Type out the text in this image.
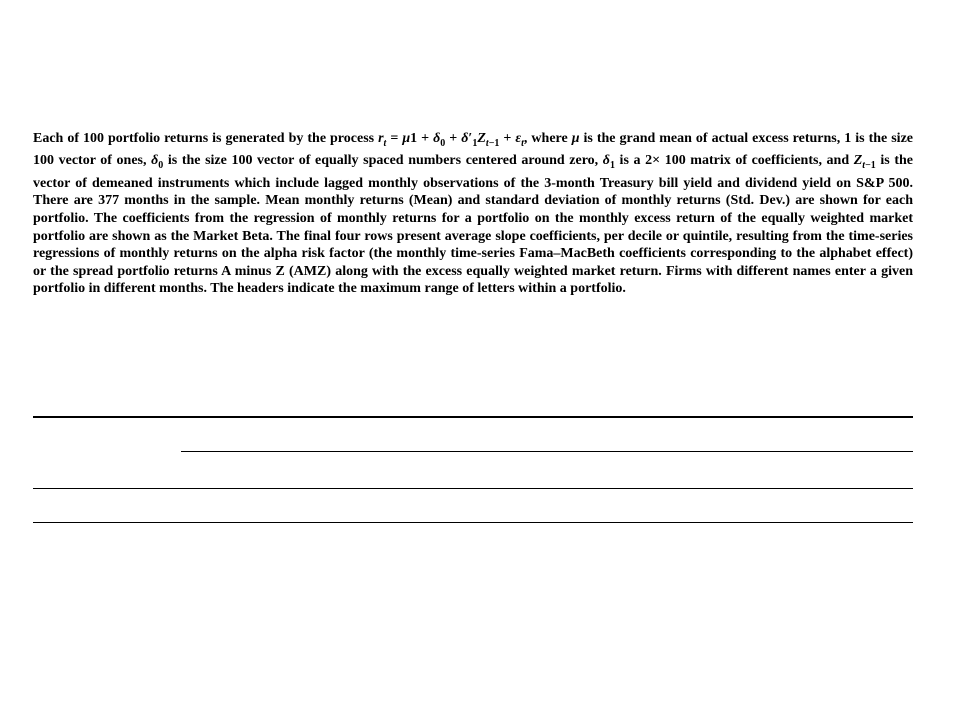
Each of 100 portfolio returns is generated by the process $r_t = \mu 1 + \delta_0 + \delta'_1Z_{t-1} + \varepsilon_t$, where μ is the grand mean of actual excess returns, 1 is the size 100 vector of ones, $\delta_0$ is the size 100 vector of equally spaced numbers centered around zero, $\delta_1$ is a 2× 100 matrix of coefficients, and $Z_{t-1}$ is the vector of demeaned instruments which include lagged monthly observations of the 3-month Treasury bill yield and dividend yield on S&P 500. There are 377 months in the sample. Mean monthly returns (Mean) and standard deviation of monthly returns (Std. Dev.) are shown for each portfolio. The coefficients from the regression of monthly returns for a portfolio on the monthly excess return of the equally weighted market portfolio are shown as the Market Beta. The final four rows present average slope coefficients, per decile or quintile, resulting from the time-series regressions of monthly returns on the alpha risk factor (the monthly time-series Fama–MacBeth coefficients corresponding to the alphabet effect) or the spread portfolio returns A minus Z (AMZ) along with the excess equally weighted market return. Firms with different names enter a given portfolio in different months. The headers indicate the maximum range of letters within a portfolio.
